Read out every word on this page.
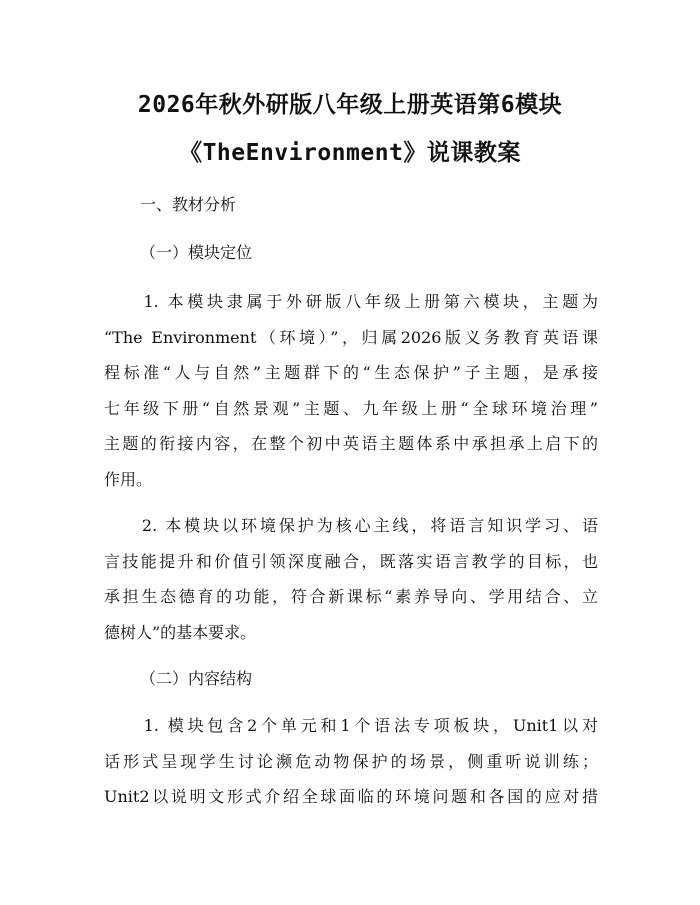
2026年秋外研版八年级上册英语第6模块
《TheEnvironment》说课教案

一、教材分析

（一）模块定位

　　1. 本模块隶属于外研版八年级上册第六模块，主题为
“The Environment（环境）”，归属2026版义务教育英语课
程标准“人与自然”主题群下的“生态保护”子主题，是承接
七年级下册“自然景观”主题、九年级上册“全球环境治理”
主题的衔接内容，在整个初中英语主题体系中承担承上启下的
作用。
　　2. 本模块以环境保护为核心主线，将语言知识学习、语
言技能提升和价值引领深度融合，既落实语言教学的目标，也
承担生态德育的功能，符合新课标“素养导向、学用结合、立
德树人”的基本要求。

（二）内容结构

　　1. 模块包含2个单元和1个语法专项板块，Unit1以对
话形式呈现学生讨论濒危动物保护的场景，侧重听说训练；
Unit2以说明文形式介绍全球面临的环境问题和各国的应对措
